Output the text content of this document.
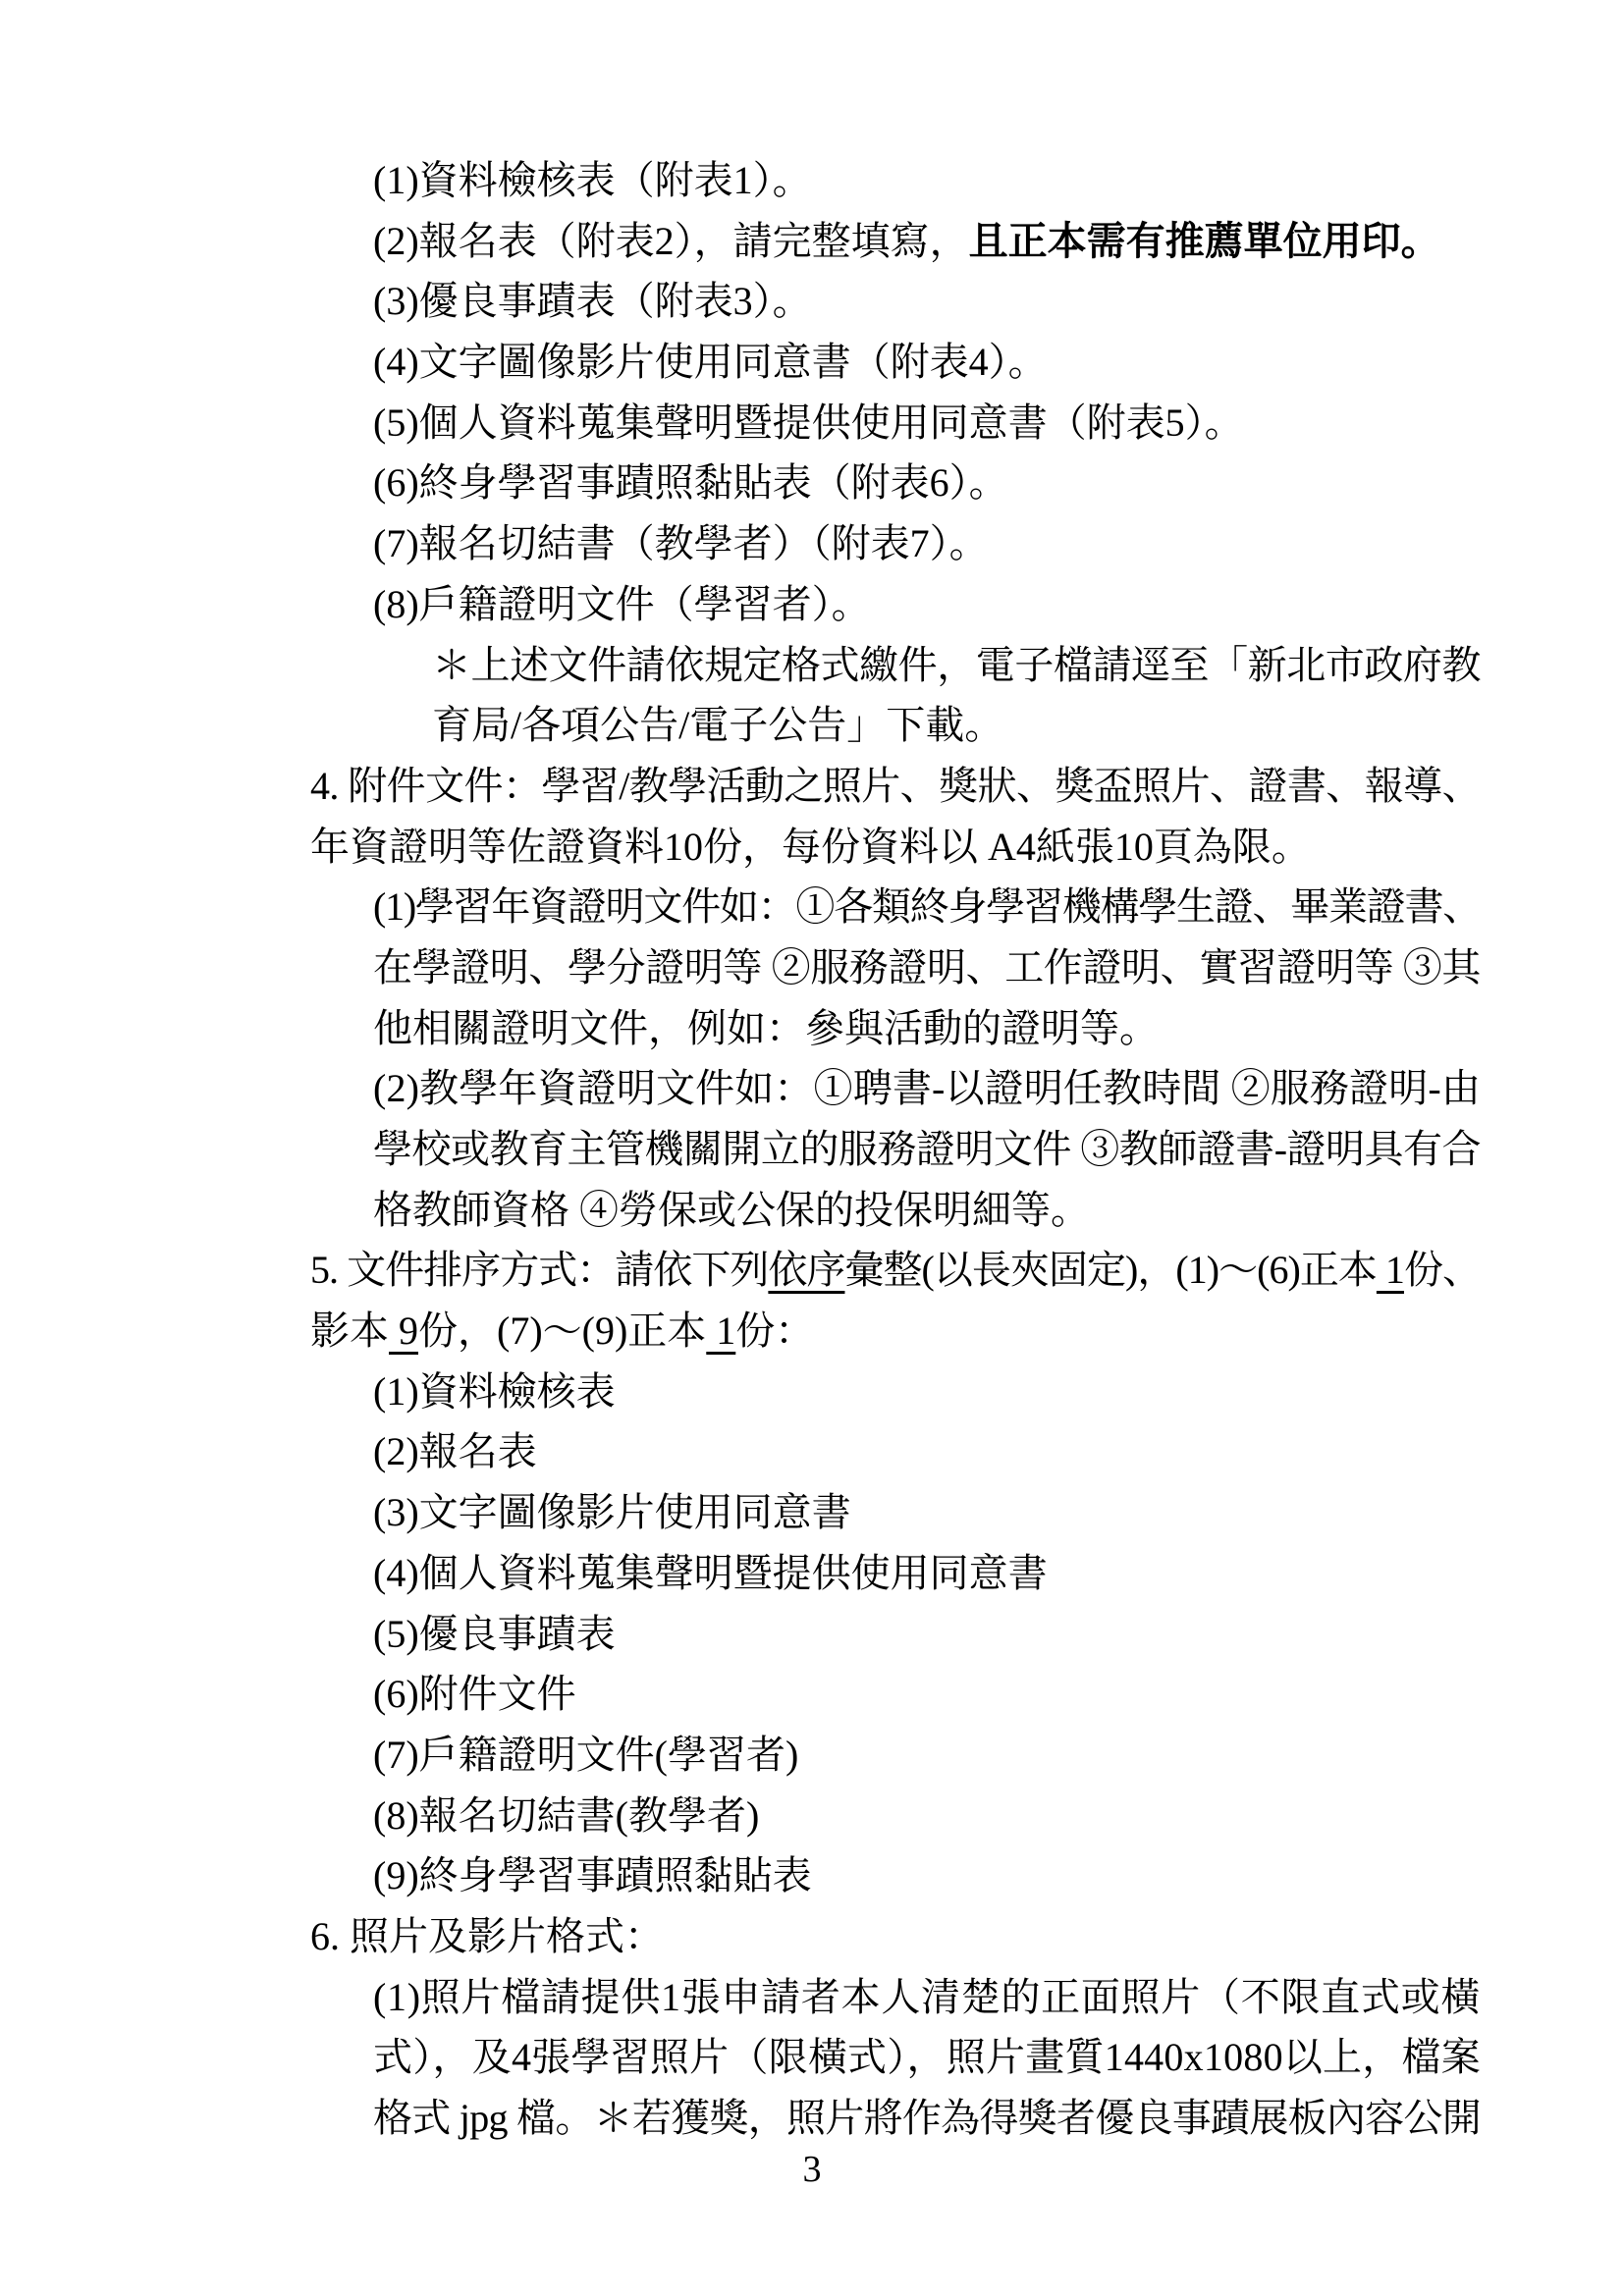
(1)資料檢核表（附表1）。
(2)報名表（附表2），請完整填寫，且正本需有推薦單位用印。
(3)優良事蹟表（附表3）。
(4)文字圖像影片使用同意書（附表4）。
(5)個人資料蒐集聲明暨提供使用同意書（附表5）。
(6)終身學習事蹟照黏貼表（附表6）。
(7)報名切結書（教學者）（附表7）。
(8)戶籍證明文件（學習者）。
＊上述文件請依規定格式繳件，電子檔請逕至「新北市政府教
育局/各項公告/電子公告」下載。
4. 附件文件：學習/教學活動之照片、獎狀、獎盃照片、證書、報導、
年資證明等佐證資料10份，每份資料以 A4紙張10頁為限。
(1)學習年資證明文件如：①各類終身學習機構學生證、畢業證書、
在學證明、學分證明等 ②服務證明、工作證明、實習證明等 ③其
他相關證明文件，例如：參與活動的證明等。
(2)教學年資證明文件如：①聘書-以證明任教時間 ②服務證明-由
學校或教育主管機關開立的服務證明文件 ③教師證書-證明具有合
格教師資格 ④勞保或公保的投保明細等。
5. 文件排序方式：請依下列依序彙整(以長夾固定)，(1)～(6)正本 1份、
影本 9份，(7)～(9)正本 1份：
(1)資料檢核表
(2)報名表
(3)文字圖像影片使用同意書
(4)個人資料蒐集聲明暨提供使用同意書
(5)優良事蹟表
(6)附件文件
(7)戶籍證明文件(學習者)
(8)報名切結書(教學者)
(9)終身學習事蹟照黏貼表
6. 照片及影片格式：
(1)照片檔請提供1張申請者本人清楚的正面照片（不限直式或橫
式），及4張學習照片（限橫式），照片畫質1440x1080以上，檔案
格式 jpg 檔。＊若獲獎，照片將作為得獎者優良事蹟展板內容公開
3
